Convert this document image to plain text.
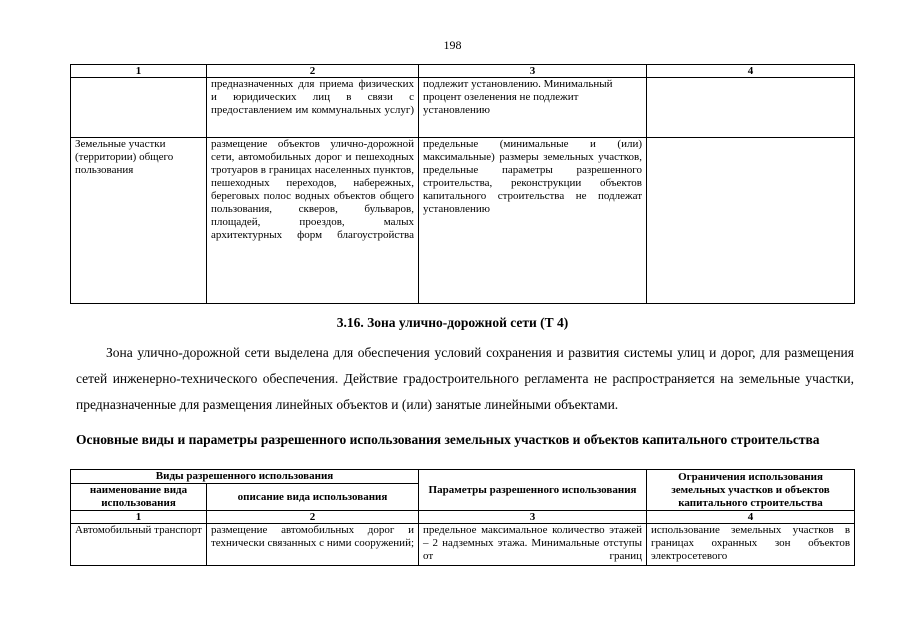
198
1	2	3	4
	предназначенных для приема физических и юридических лиц в связи с предоставлением им коммунальных услуг)	подлежит установлению. Минимальный процент озеленения не подлежит установлению	
Земельные участки (территории) общего пользования	размещение объектов улично-дорожной сети, автомобильных дорог и пешеходных тротуаров в границах населенных пунктов, пешеходных переходов, набережных, береговых полос водных объектов общего пользования, скверов, бульваров, площадей, проездов, малых архитектурных форм благоустройства	предельные (минимальные и (или) максимальные) размеры земельных участков, предельные параметры разрешенного строительства, реконструкции объектов капитального строительства не подлежат установлению	
3.16. Зона улично-дорожной сети (Т 4)

Зона улично-дорожной сети выделена для обеспечения условий сохранения и развития системы улиц и дорог, для размещения сетей инженерно-технического обеспечения. Действие градостроительного регламента не распространяется на земельные участки, предназначенные для размещения линейных объектов и (или) занятые линейными объектами.

Основные виды и параметры разрешенного использования земельных участков и объектов капитального строительства

Виды разрешенного использования		Параметры разрешенного использования	Ограничения использования земельных участков и объектов капитального строительства
наименование вида использования	описание вида использования		
1	2	3	4
Автомобильный транспорт	размещение автомобильных дорог и технически связанных с ними сооружений;	предельное максимальное количество этажей – 2 надземных этажа. Минимальные отступы от границ	использование земельных участков в границах охранных зон объектов электросетевого
